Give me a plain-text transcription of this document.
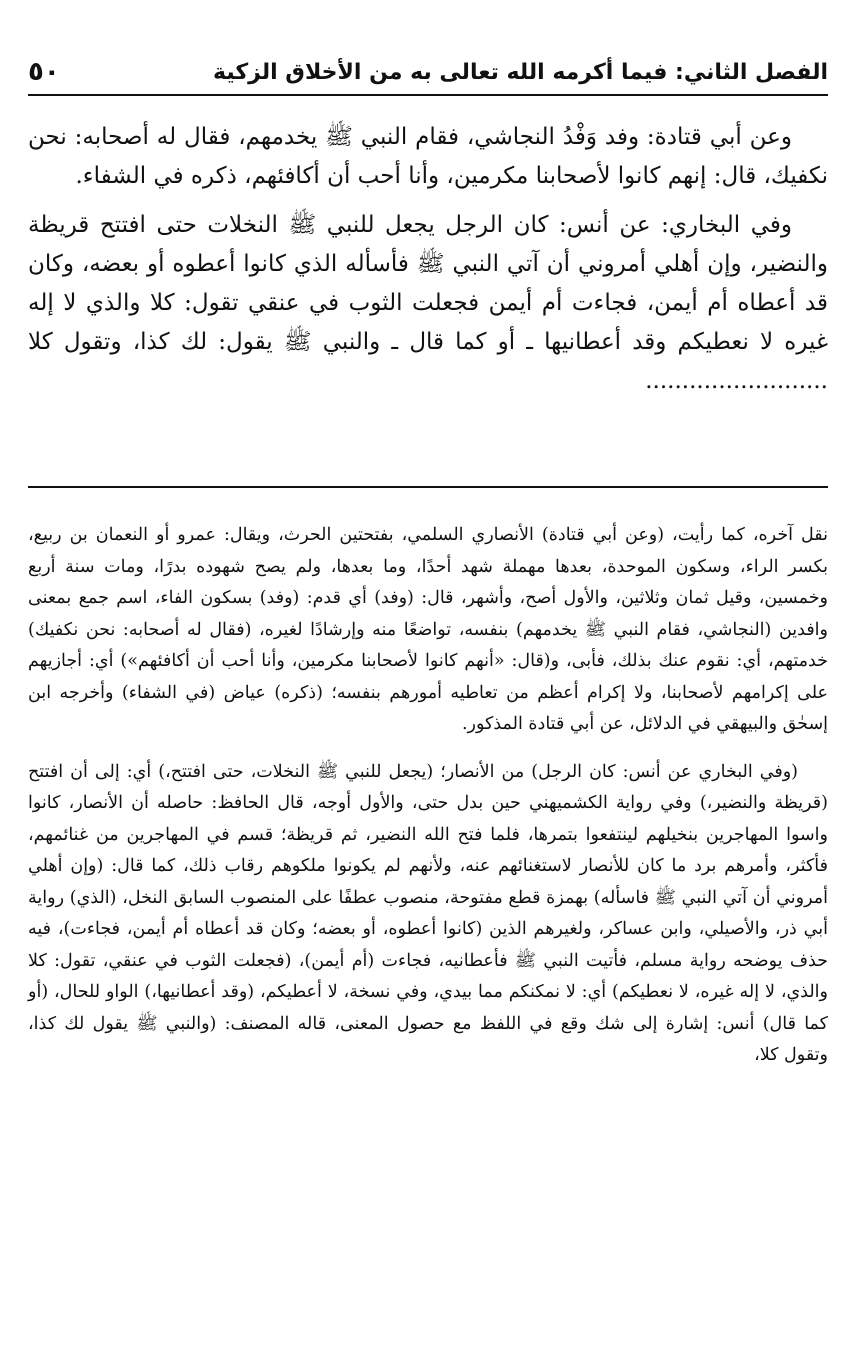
الفصل الثاني: فيما أكرمه الله تعالى به من الأخلاق الزكية
٥٠

وعن أبي قتادة: وفد وَفْدُ النجاشي، فقام النبي ﷺ يخدمهم، فقال له أصحابه: نحن نكفيك، قال: إنهم كانوا لأصحابنا مكرمين، وأنا أحب أن أكافئهم، ذكره في الشفاء.

وفي البخاري: عن أنس: كان الرجل يجعل للنبي ﷺ النخلات حتى افتتح قريظة والنضير، وإن أهلي أمروني أن آتي النبي ﷺ فأسأله الذي كانوا أعطوه أو بعضه، وكان قد أعطاه أم أيمن، فجاءت أم أيمن فجعلت الثوب في عنقي تقول: كلا والذي لا إله غيره لا نعطيكم وقد أعطانيها ـ أو كما قال ـ والنبي ﷺ يقول: لك كذا، وتقول كلا .........................

نقل آخره، كما رأيت، (وعن أبي قتادة) الأنصاري السلمي، بفتحتين الحرث، ويقال: عمرو أو النعمان بن ربيع، بكسر الراء، وسكون الموحدة، بعدها مهملة شهد أحدًا، وما بعدها، ولم يصح شهوده بدرًا، ومات سنة أربع وخمسين، وقيل ثمان وثلاثين، والأول أصح، وأشهر، قال: (وفد) أي قدم: (وفد) بسكون الفاء، اسم جمع بمعنى وافدين (النجاشي، فقام النبي ﷺ يخدمهم) بنفسه، تواضعًا منه وإرشادًا لغيره، (فقال له أصحابه: نحن نكفيك) خدمتهم، أي: نقوم عنك بذلك، فأبى، و(قال: «أنهم كانوا لأصحابنا مكرمين، وأنا أحب أن أكافئهم») أي: أجازيهم على إكرامهم لأصحابنا، ولا إكرام أعظم من تعاطيه أمورهم بنفسه؛ (ذكره) عياض (في الشفاء) وأخرجه ابن إسحٰق والبيهقي في الدلائل، عن أبي قتادة المذكور.

(وفي البخاري عن أنس: كان الرجل) من الأنصار؛ (يجعل للنبي ﷺ النخلات، حتى افتتح،) أي: إلى أن افتتح (قريظة والنضير،) وفي رواية الكشميهني حين بدل حتى، والأول أوجه، قال الحافظ: حاصله أن الأنصار، كانوا واسوا المهاجرين بنخيلهم لينتفعوا بتمرها، فلما فتح الله النضير، ثم قريظة؛ قسم في المهاجرين من غنائمهم، فأكثر، وأمرهم برد ما كان للأنصار لاستغنائهم عنه، ولأنهم لم يكونوا ملكوهم رقاب ذلك، كما قال: (وإن أهلي أمروني أن آتي النبي ﷺ فاسأله) بهمزة قطع مفتوحة، منصوب عطفًا على المنصوب السابق النخل، (الذي) رواية أبي ذر، والأصيلي، وابن عساكر، ولغيرهم الذين (كانوا أعطوه، أو بعضه؛ وكان قد أعطاه أم أيمن، فجاءت)، فيه حذف يوضحه رواية مسلم، فأتيت النبي ﷺ فأعطانيه، فجاءت (أم أيمن)، (فجعلت الثوب في عنقي، تقول: كلا والذي، لا إله غيره، لا نعطيكم) أي: لا نمكنكم مما بيدي، وفي نسخة، لا أعطيكم، (وقد أعطانيها،) الواو للحال، (أو كما قال) أنس: إشارة إلى شك وقع في اللفظ مع حصول المعنى، قاله المصنف: (والنبي ﷺ يقول لك كذا، وتقول كلا،
